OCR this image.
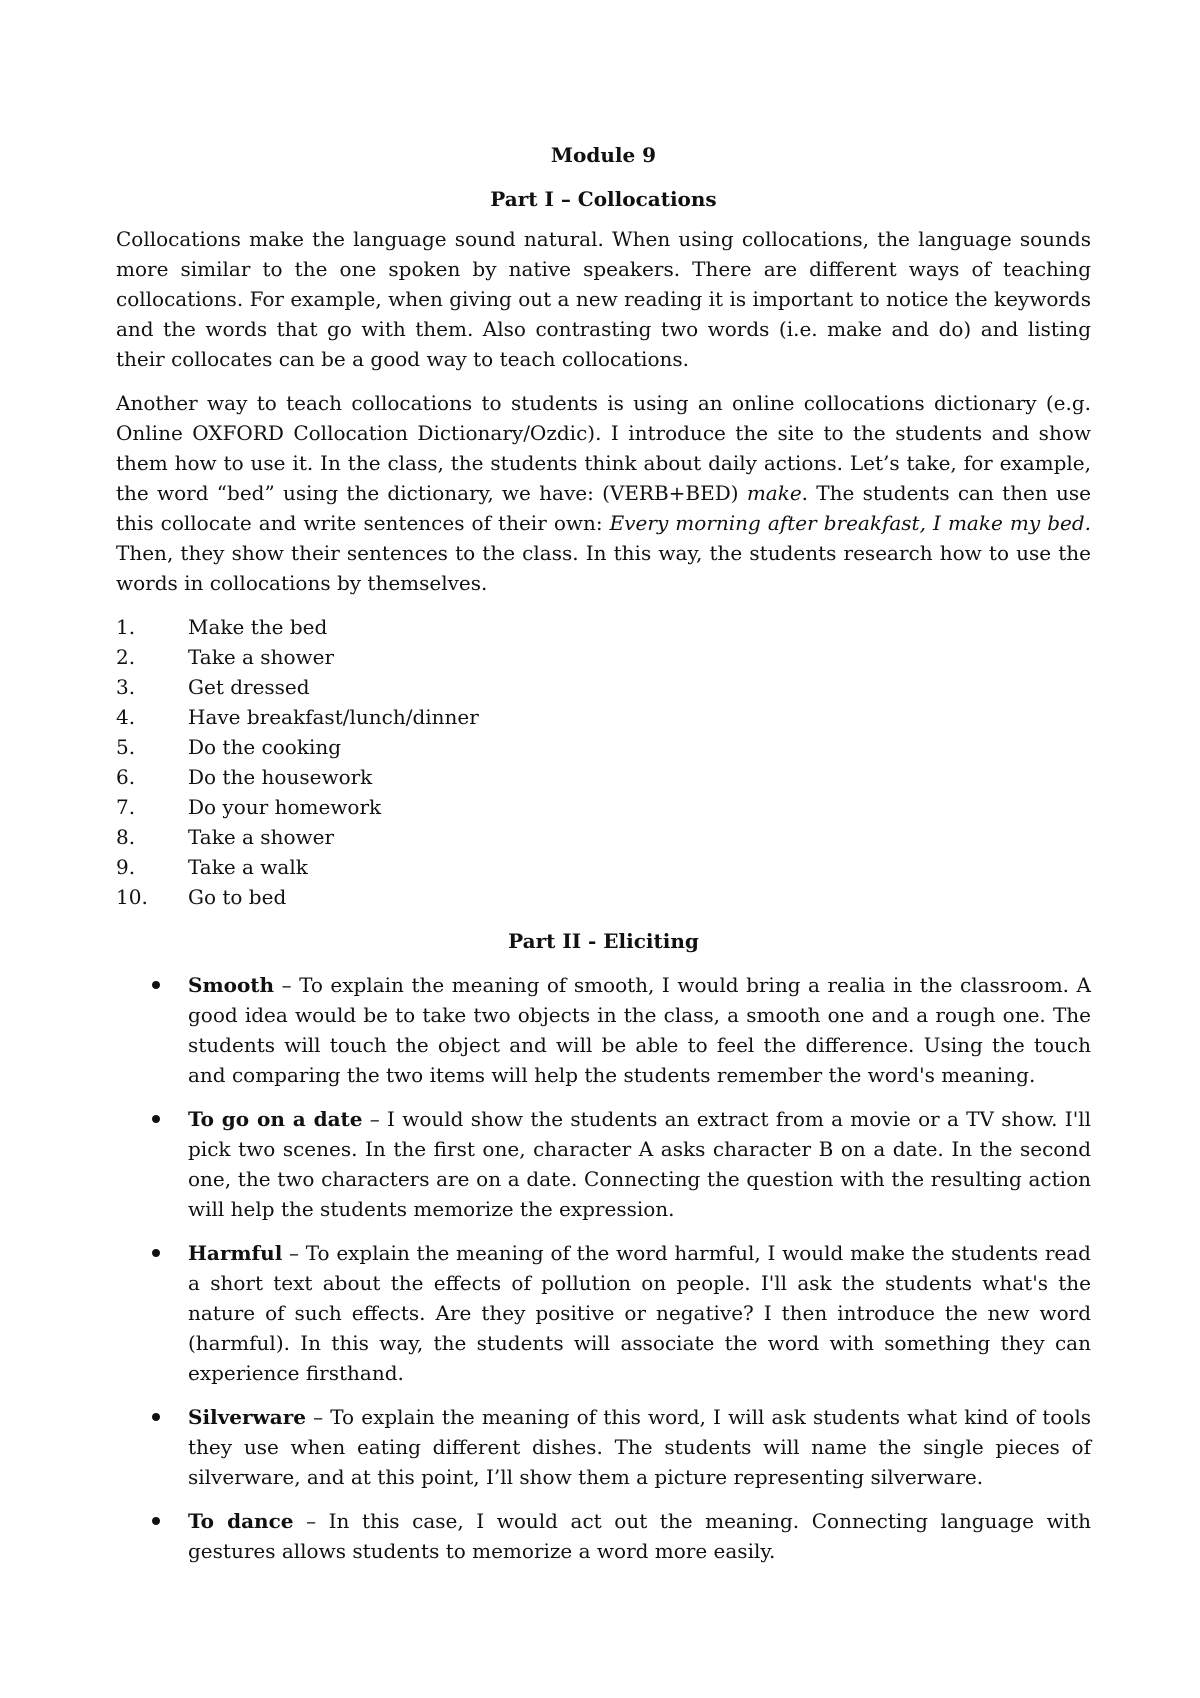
Module 9

Part I – Collocations

Collocations make the language sound natural. When using collocations, the language sounds more similar to the one spoken by native speakers. There are different ways of teaching collocations. For example, when giving out a new reading it is important to notice the keywords and the words that go with them. Also contrasting two words (i.e. make and do) and listing their collocates can be a good way to teach collocations.

Another way to teach collocations to students is using an online collocations dictionary (e.g. Online OXFORD Collocation Dictionary/Ozdic). I introduce the site to the students and show them how to use it. In the class, the students think about daily actions. Let’s take, for example, the word “bed” using the dictionary, we have: (VERB+BED) make. The students can then use this collocate and write sentences of their own: Every morning after breakfast, I make my bed. Then, they show their sentences to the class. In this way, the students research how to use the words in collocations by themselves.

1.	Make the bed
2.	Take a shower
3.	Get dressed
4.	Have breakfast/lunch/dinner
5.	Do the cooking
6.	Do the housework
7.	Do your homework
8.	Take a shower
9.	Take a walk
10.	Go to bed

Part II - Eliciting

Smooth – To explain the meaning of smooth, I would bring a realia in the classroom. A good idea would be to take two objects in the class, a smooth one and a rough one. The students will touch the object and will be able to feel the difference. Using the touch and comparing the two items will help the students remember the word's meaning.
To go on a date – I would show the students an extract from a movie or a TV show. I'll pick two scenes. In the first one, character A asks character B on a date. In the second one, the two characters are on a date. Connecting the question with the resulting action will help the students memorize the expression.
Harmful – To explain the meaning of the word harmful, I would make the students read a short text about the effects of pollution on people. I'll ask the students what's the nature of such effects. Are they positive or negative? I then introduce the new word (harmful). In this way, the students will associate the word with something they can experience firsthand.
Silverware – To explain the meaning of this word, I will ask students what kind of tools they use when eating different dishes. The students will name the single pieces of silverware, and at this point, I’ll show them a picture representing silverware.
To dance – In this case, I would act out the meaning. Connecting language with gestures allows students to memorize a word more easily.
